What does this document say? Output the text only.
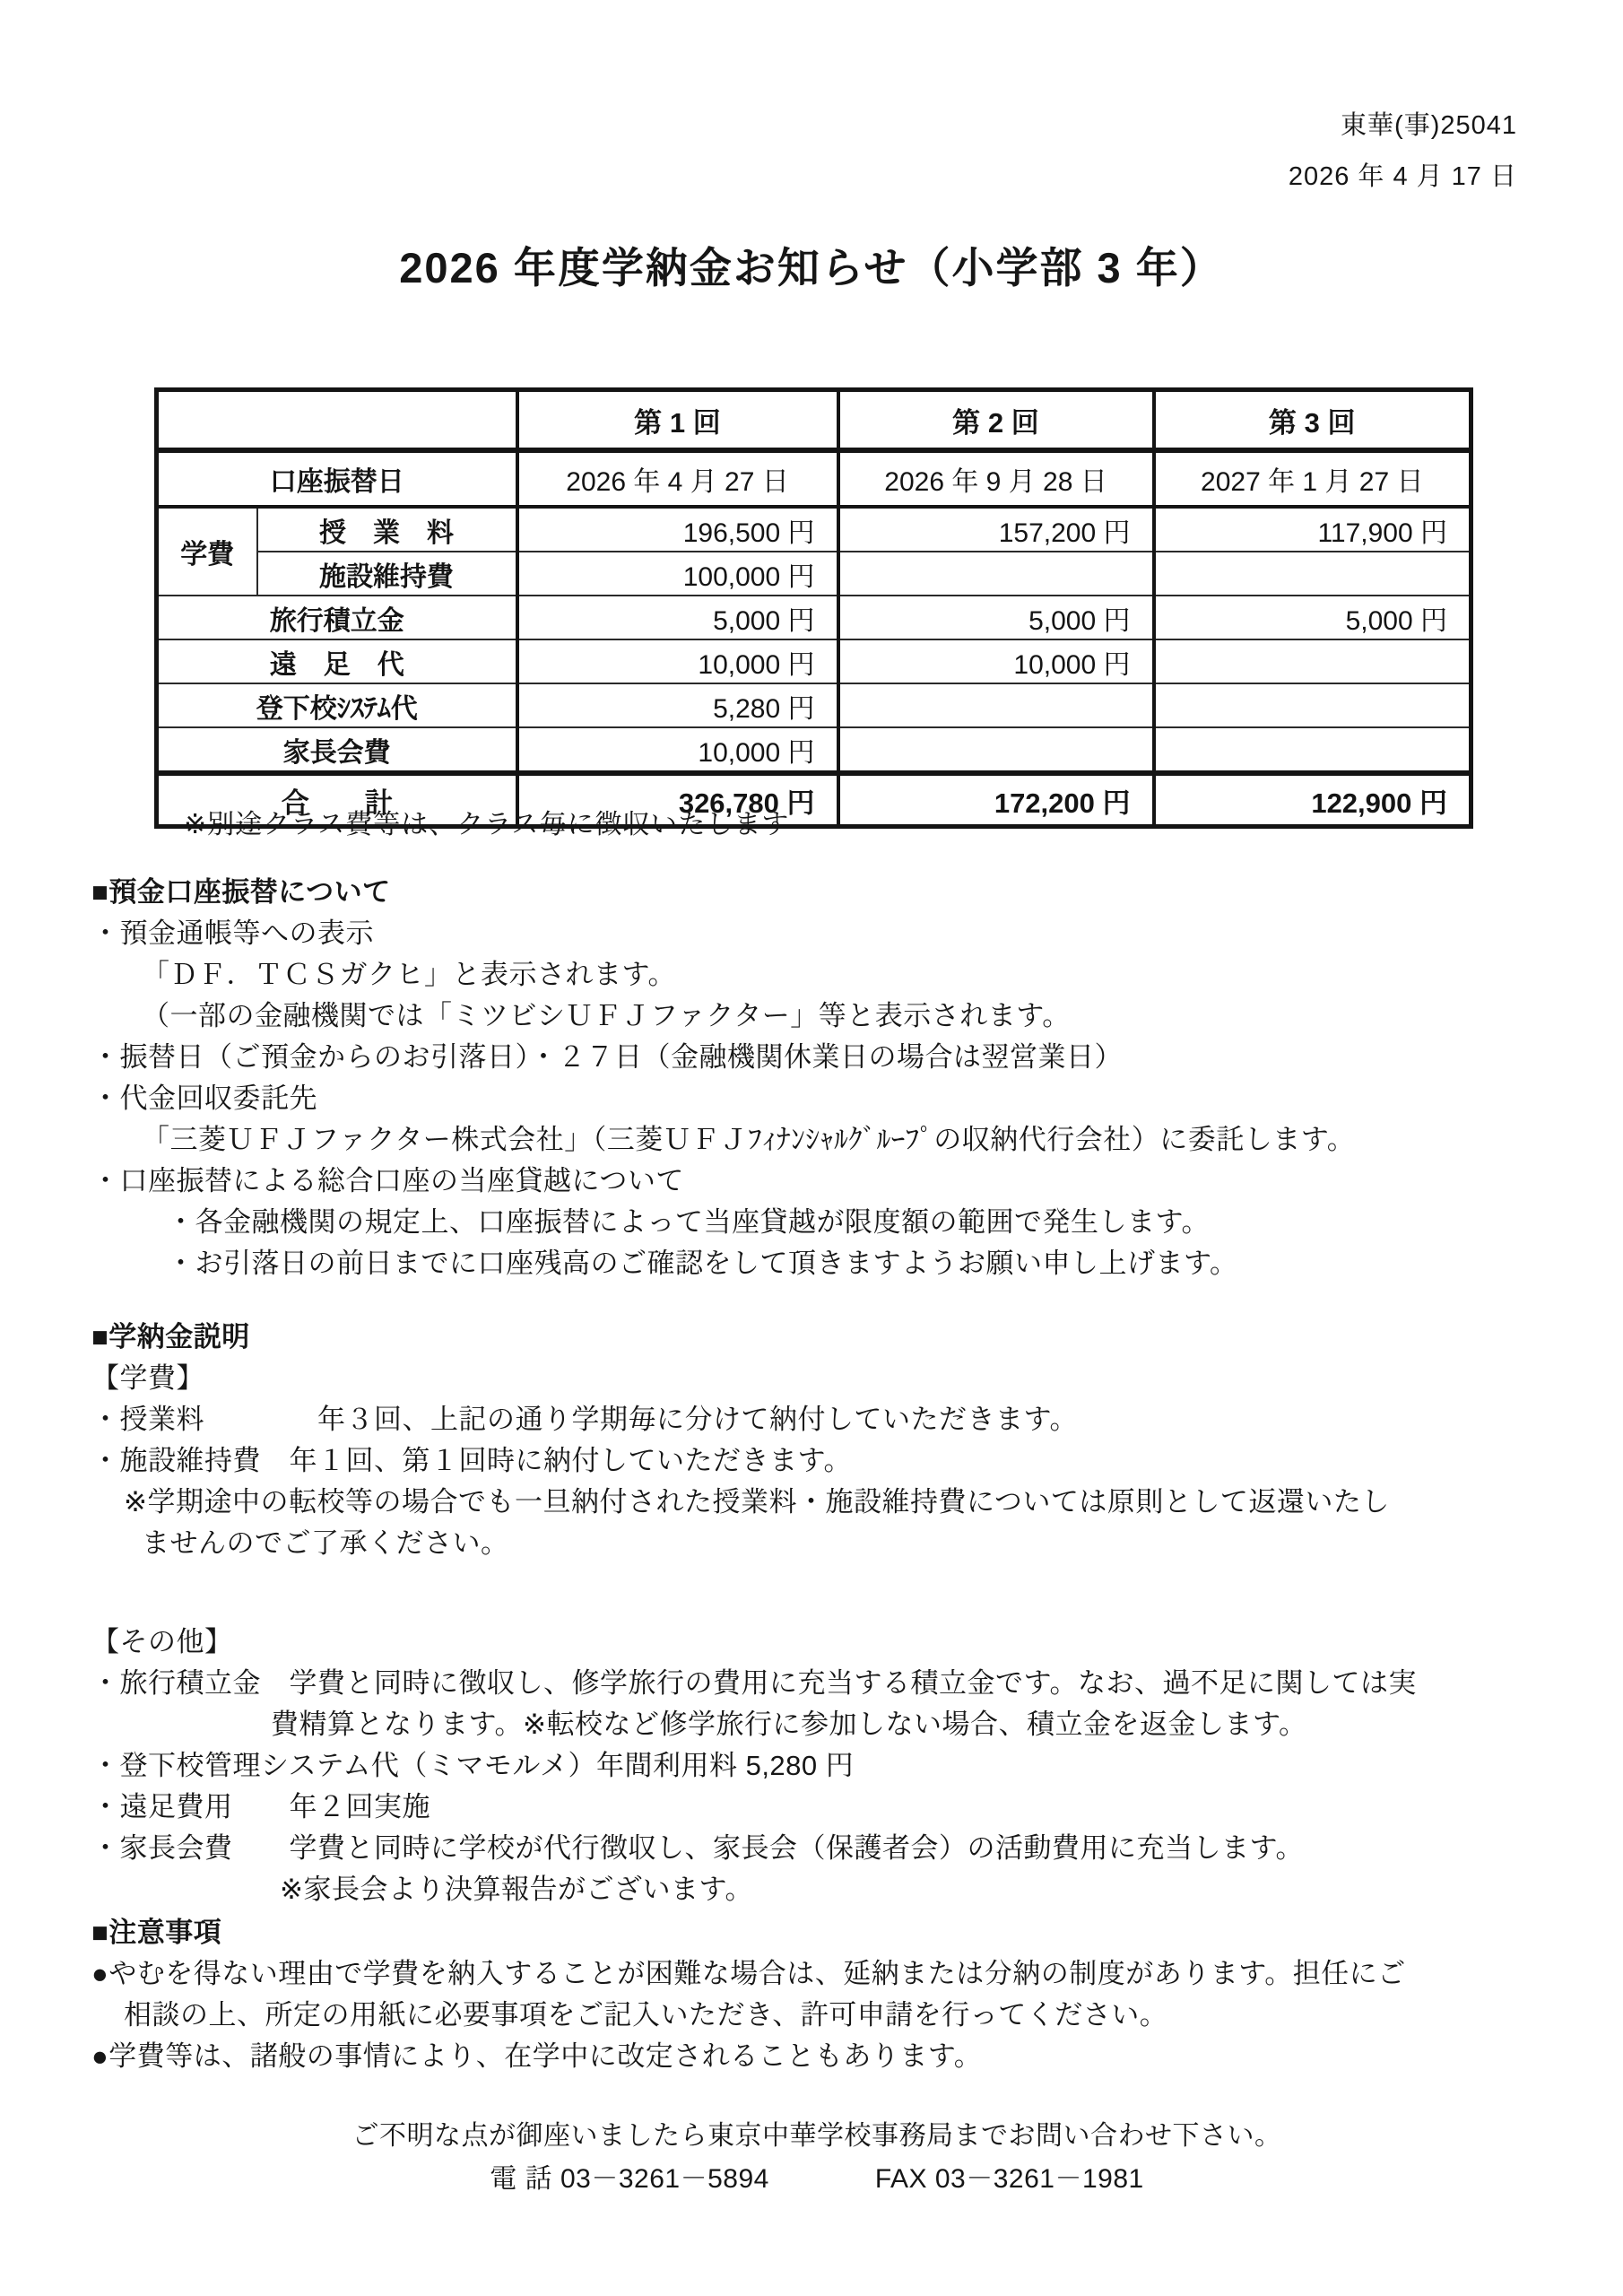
東華(事)25041
2026 年 4 月 17 日
2026 年度学納金お知らせ（小学部 3 年）
		第 1 回	第 2 回	第 3 回
口座振替日		2026 年 4 月 27 日	2026 年 9 月 28 日	2027 年 1 月 27 日
学費	授　業　料	196,500 円	157,200 円	117,900 円
	施設維持費	100,000 円		
旅行積立金		5,000 円	5,000 円	5,000 円
遠　足　代		10,000 円	10,000 円	
登下校ｼｽﾃﾑ代		5,280 円		
家長会費		10,000 円		
合　　計		326,780 円	172,200 円	122,900 円
※別途クラス費等は、クラス毎に徴収いたします
■預金口座振替について
・預金通帳等への表示
「ＤＦ．ＴＣＳガクヒ」と表示されます。
（一部の金融機関では「ミツビシＵＦＪファクター」等と表示されます。
・振替日（ご預金からのお引落日）・２７日（金融機関休業日の場合は翌営業日）
・代金回収委託先
「三菱ＵＦＪファクター株式会社」（三菱ＵＦＪﾌｨﾅﾝｼｬﾙｸﾞﾙｰﾌﾟの収納代行会社）に委託します。
・口座振替による総合口座の当座貸越について
・各金融機関の規定上、口座振替によって当座貸越が限度額の範囲で発生します。
・お引落日の前日までに口座残高のご確認をして頂きますようお願い申し上げます。
■学納金説明
【学費】
・授業料　　　　年３回、上記の通り学期毎に分けて納付していただきます。
・施設維持費　年１回、第１回時に納付していただきます。
※学期途中の転校等の場合でも一旦納付された授業料・施設維持費については原則として返還いたし
ませんのでご了承ください。
【その他】
・旅行積立金　学費と同時に徴収し、修学旅行の費用に充当する積立金です。なお、過不足に関しては実
費精算となります。※転校など修学旅行に参加しない場合、積立金を返金します。
・登下校管理システム代（ミマモルメ）年間利用料 5,280 円
・遠足費用　　年２回実施
・家長会費　　学費と同時に学校が代行徴収し、家長会（保護者会）の活動費用に充当します。
※家長会より決算報告がございます。
■注意事項
●やむを得ない理由で学費を納入することが困難な場合は、延納または分納の制度があります。担任にご
相談の上、所定の用紙に必要事項をご記入いただき、許可申請を行ってください。
●学費等は、諸般の事情により、在学中に改定されることもあります。
ご不明な点が御座いましたら東京中華学校事務局までお問い合わせ下さい。
電 話 03－3261－5894	FAX 03－3261－1981
